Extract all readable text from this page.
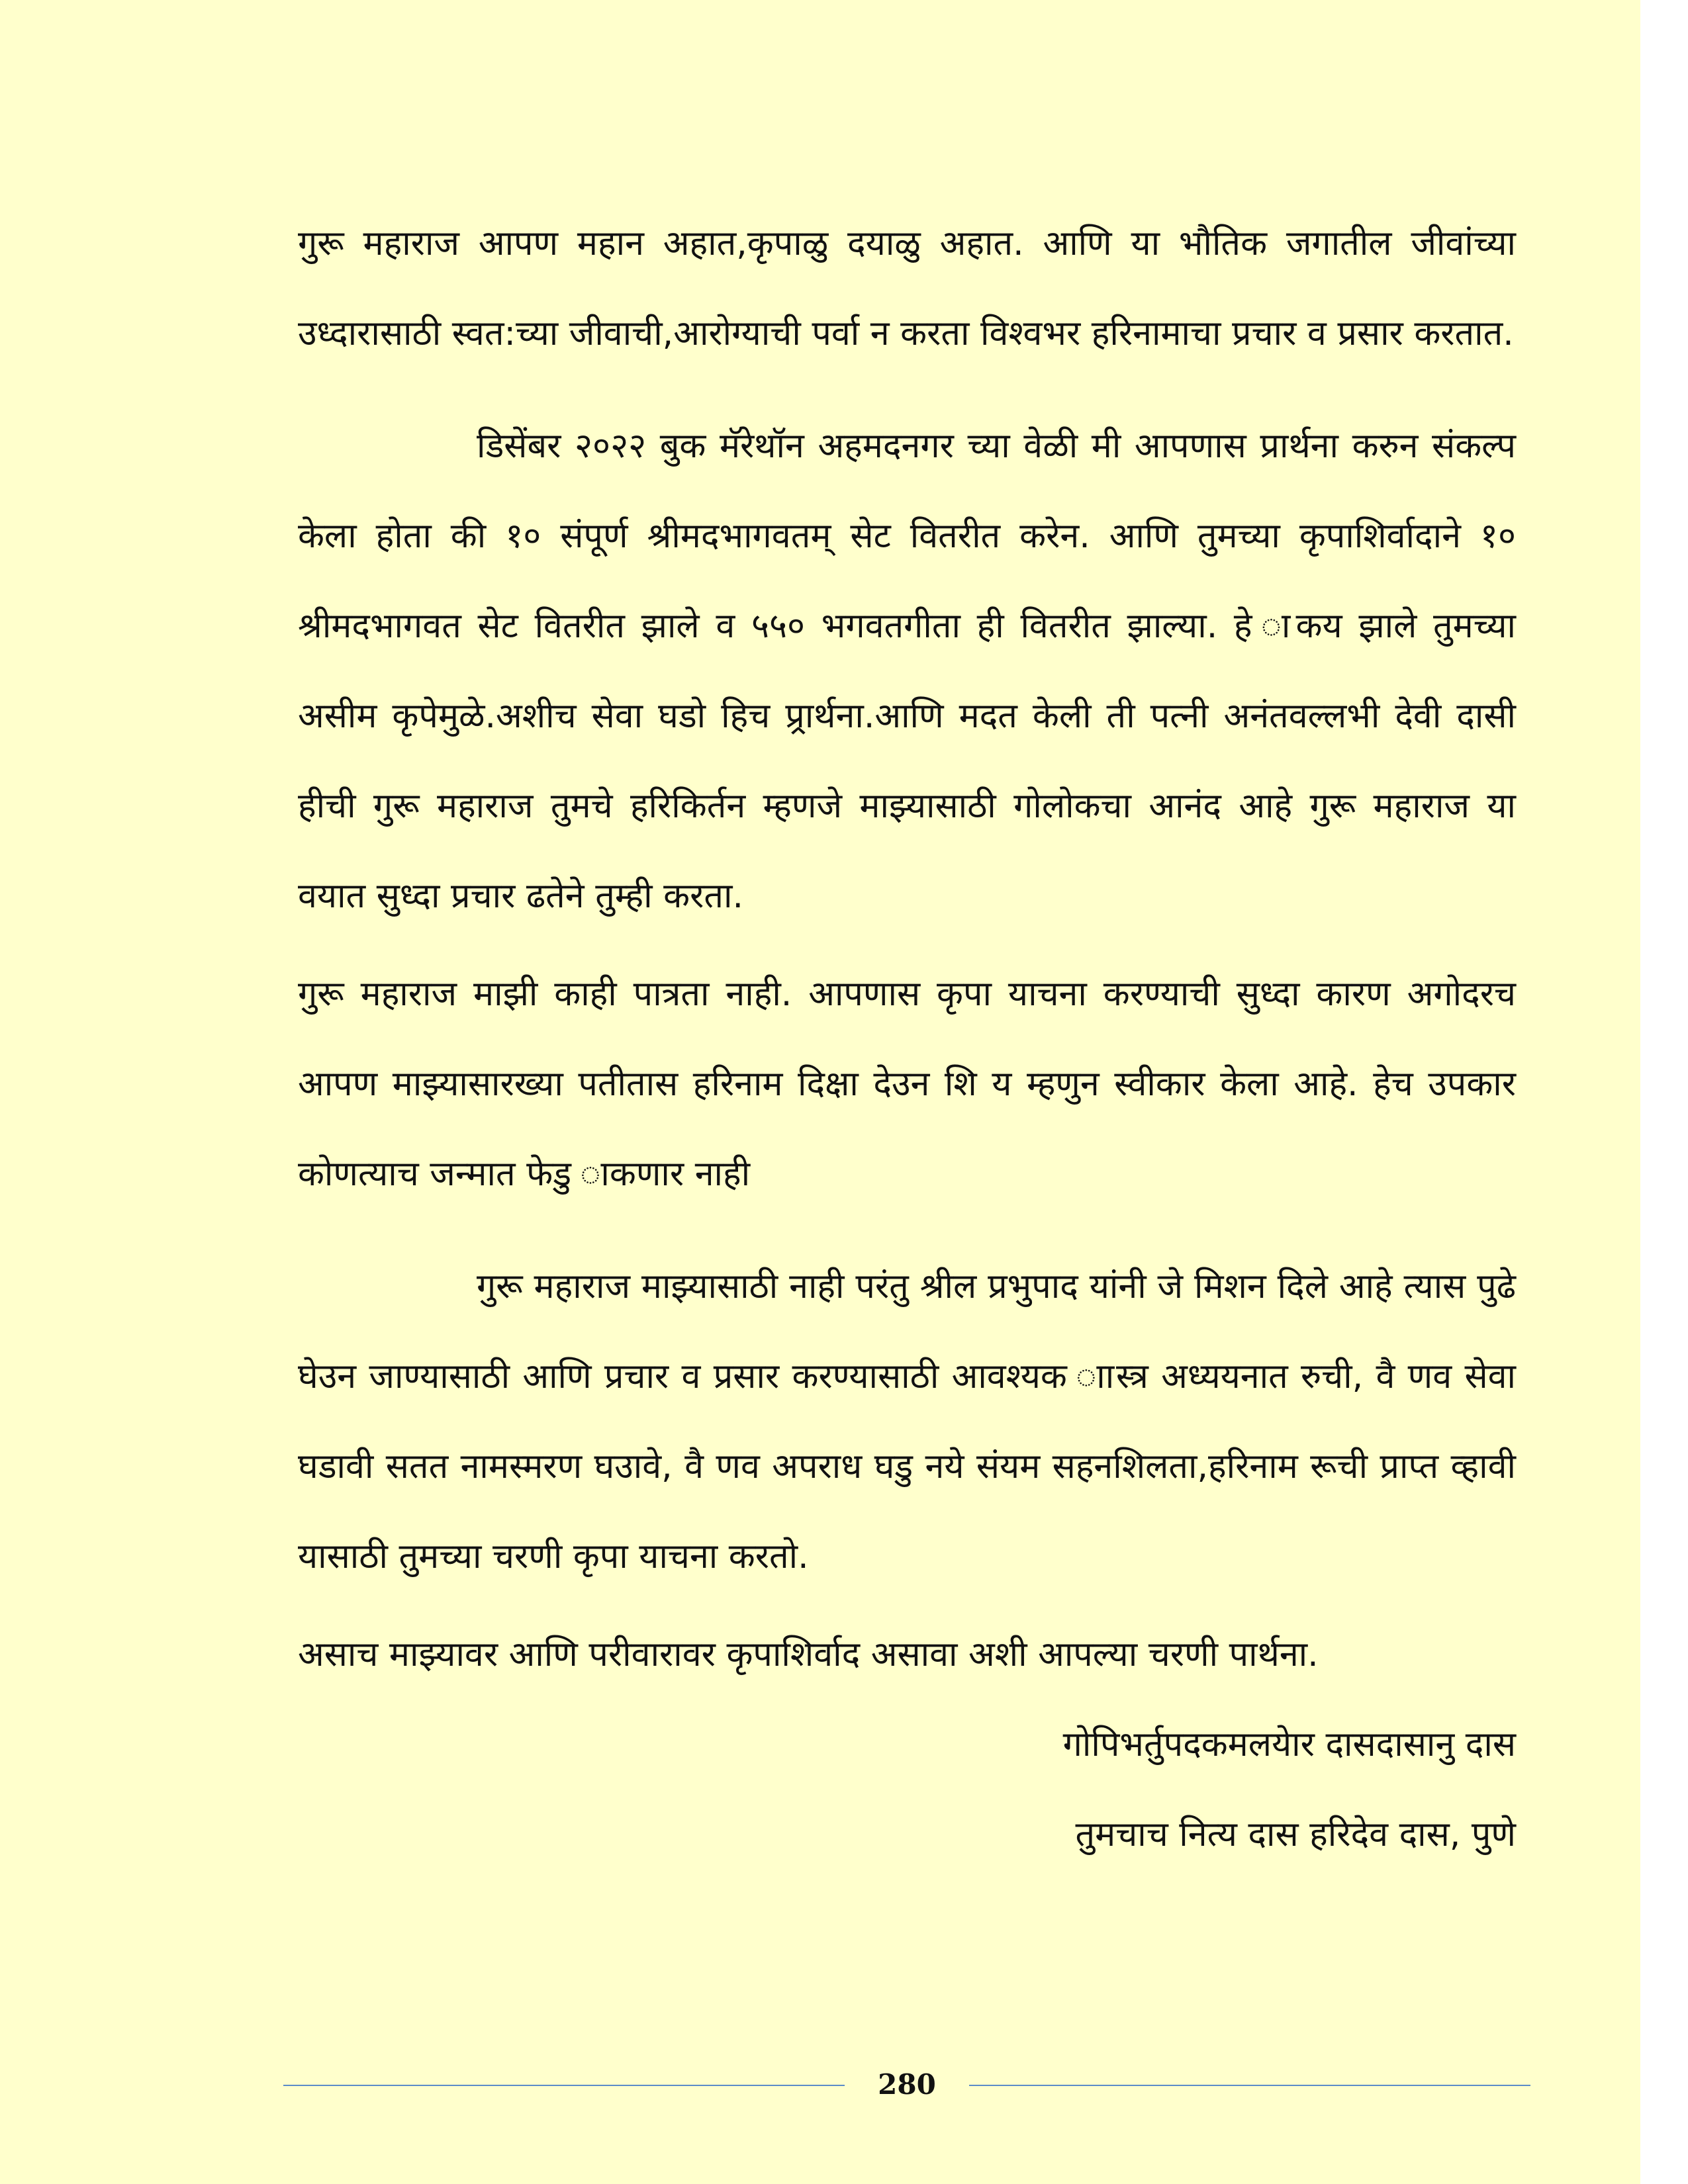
गुरू महाराज आपण महान अहात,कृपाळु दयाळु अहात. आणि या भौतिक जगातील जीवांच्या उध्दारासाठी स्वत:च्या जीवाची,आरोग्याची पर्वा न करता विश्वभर हरिनामाचा प्रचार व प्रसार करतात.

डिसेंबर २०२२ बुक मॅरेथॉन अहमदनगर च्या वेळी मी आपणास प्रार्थना करुन संकल्प केला होता की १० संपूर्ण श्रीमदभागवतम् सेट वितरीत करेन. आणि तुमच्या कृपाशिर्वादाने १० श्रीमदभागवत सेट वितरीत झाले व ५५० भगवतगीता ही वितरीत झाल्या. हे ाकय झाले तुमच्या असीम कृपेमुळे.अशीच सेवा घडो हिच प्र्रार्थना.आणि मदत केली ती पत्नी अनंतवल्लभी देवी दासी हीची गुरू महाराज तुमचे हरिकिर्तन म्हणजे माझ्यासाठी गोलोकचा आनंद आहे गुरू महाराज या वयात सुध्दा प्रचार ढतेने तुम्ही करता.

गुरू महाराज माझी काही पात्रता नाही. आपणास कृपा याचना करण्याची सुध्दा कारण अगोदरच आपण माझ्यासारख्या पतीतास हरिनाम दिक्षा देउन शि य म्हणुन स्वीकार केला आहे. हेच उपकार कोणत्याच जन्मात फेडु ाकणार नाही

गुरू महाराज माझ्यासाठी नाही परंतु श्रील प्रभुपाद यांनी जे मिशन दिले आहे त्यास पुढे घेउन जाण्यासाठी आणि प्रचार व प्रसार करण्यासाठी आवश्यक ाास्त्र अध्ययनात रुची, वै णव सेवा घडावी सतत नामस्मरण घउावे, वै णव अपराध घडु नये संयम सहनशिलता,हरिनाम रूची प्राप्त व्हावी यासाठी तुमच्या चरणी कृपा याचना करतो.

असाच माझ्यावर आणि परीवारावर कृपाशिर्वाद असावा अशी आपल्या चरणी पार्थना.

गोपिभर्तुपदकमलयेार दासदासानु दास

तुमचाच नित्य दास हरिदेव दास, पुणे

280
